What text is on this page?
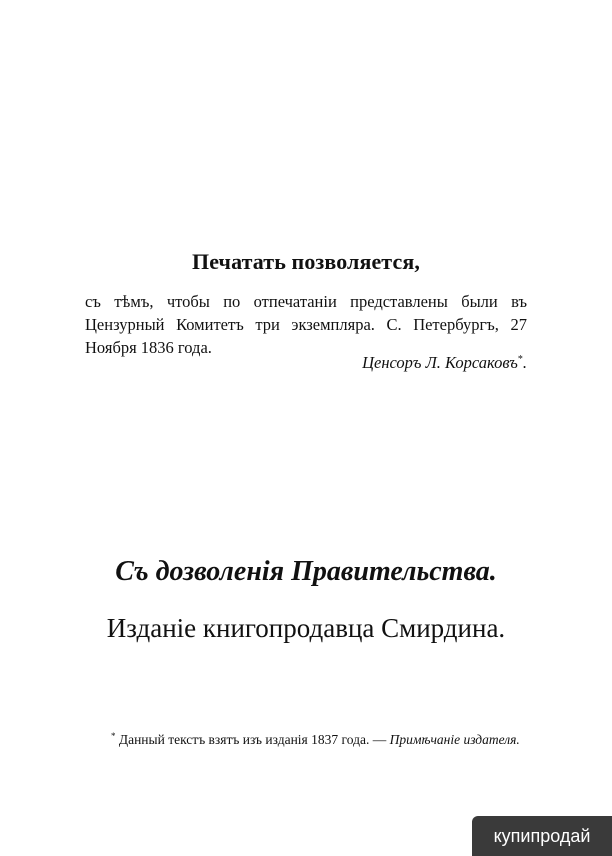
Печатать позволяется,
съ тѣмъ, чтобы по отпечатаніи представлены были въ Цензурный Комитетъ три экземпляра. С. Петербургъ, 27 Ноября 1836 года.
Ценсоръ Л. Корсаковъ*.
Съ дозволенія Правительства.
Изданіе книгопродавца Смирдина.
* Данный текстъ взятъ изъ изданія 1837 года. — Примѣчаніе издателя.
купипродай
